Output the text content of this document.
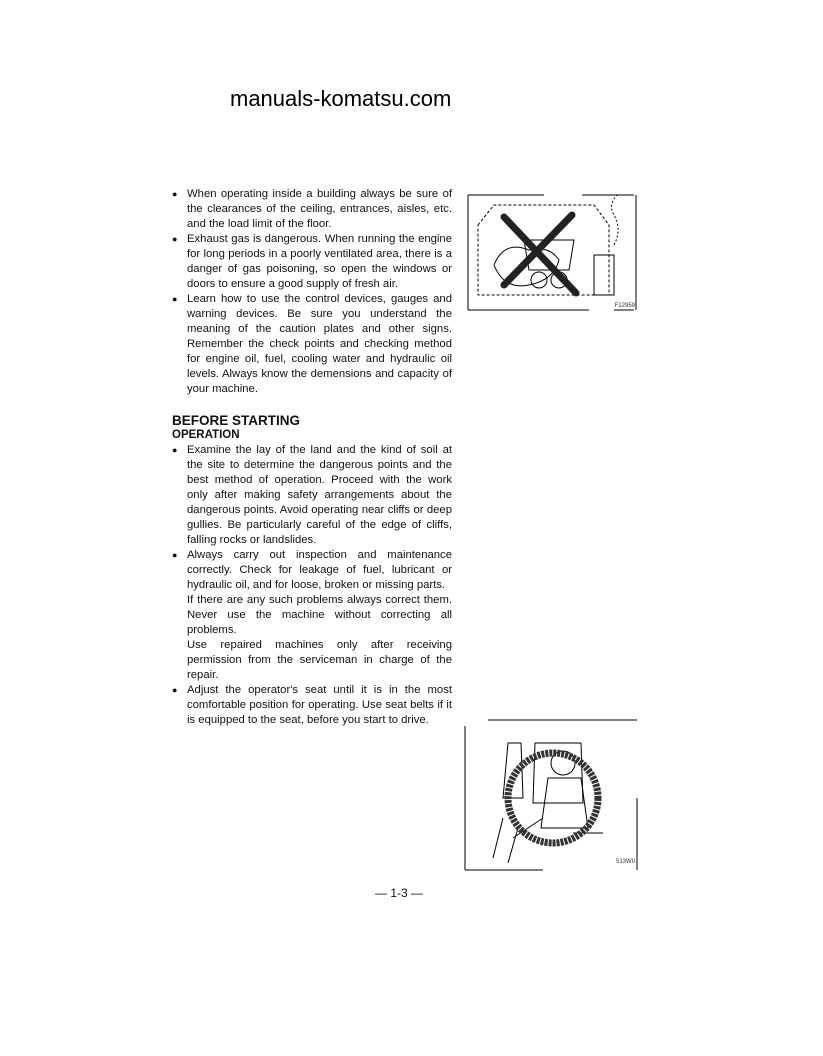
manuals-komatsu.com
● When operating inside a building always be sure of the clearances of the ceiling, entrances, aisles, etc. and the load limit of the floor.
● Exhaust gas is dangerous. When running the engine for long periods in a poorly ventilated area, there is a danger of gas poisoning, so open the windows or doors to ensure a good supply of fresh air.
● Learn how to use the control devices, gauges and warning devices. Be sure you understand the meaning of the caution plates and other signs. Remember the check points and checking method for engine oil, fuel, cooling water and hydraulic oil levels. Always know the demensions and capacity of your machine.
BEFORE STARTING
OPERATION
● Examine the lay of the land and the kind of soil at the site to determine the dangerous points and the best method of operation. Proceed with the work only after making safety arrangements about the dangerous points. Avoid operating near cliffs or deep gullies. Be particularly careful of the edge of cliffs, falling rocks or landslides.
● Always carry out inspection and maintenance correctly. Check for leakage of fuel, lubricant or hydraulic oil, and for loose, broken or missing parts.
If there are any such problems always correct them. Never use the machine without correcting all problems.
Use repaired machines only after receiving permission from the serviceman in charge of the repair.
● Adjust the operator's seat until it is in the most comfortable position for operating. Use seat belts if it is equipped to the seat, before you start to drive.
F12959
513WII
— 1-3 —
